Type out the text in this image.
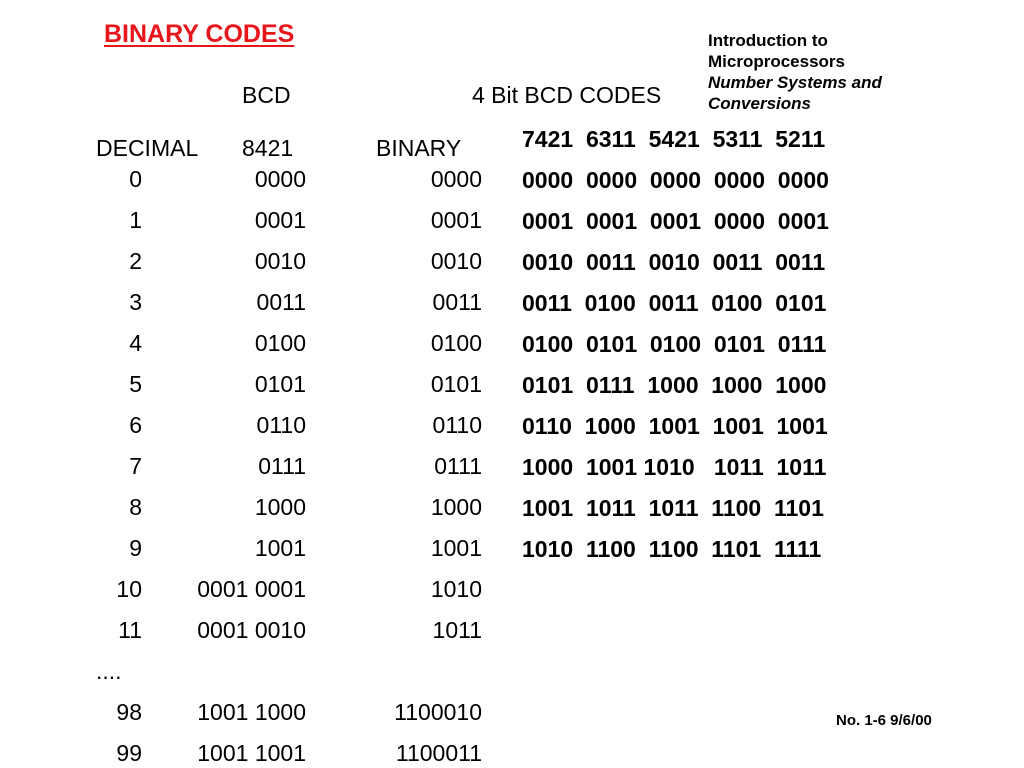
BINARY CODES	Introduction to
Microprocessors
Number Systems and
Conversions
BCD	4 Bit BCD CODES
DECIMAL 8421	BINARY
0	0000	0000
1	0001	0001
2	0010	0010
3	0011	0011
4	0100	0100
5	0101	0101
6	0110	0110
7	0111	0111
8	1000	1000
9	1001	1001
10 0001 0001	1010
11 0001 0010	1011
....
98 1001 1000	1100010
99 1001 1001	1100011
7421  6311  5421  5311  5211
0000  0000  0000  0000  0000
0001  0001  0001  0000  0001
0010  0011  0010  0011  0011
0011  0100  0011  0100  0101
0100  0101  0100  0101  0111
0101  0111  1000  1000  1000
0110  1000  1001  1001  1001
1000  1001 1010   1011  1011
1001  1011  1011  1100  1101
1010  1100  1100  1101  1111
No. 1-6 9/6/00
